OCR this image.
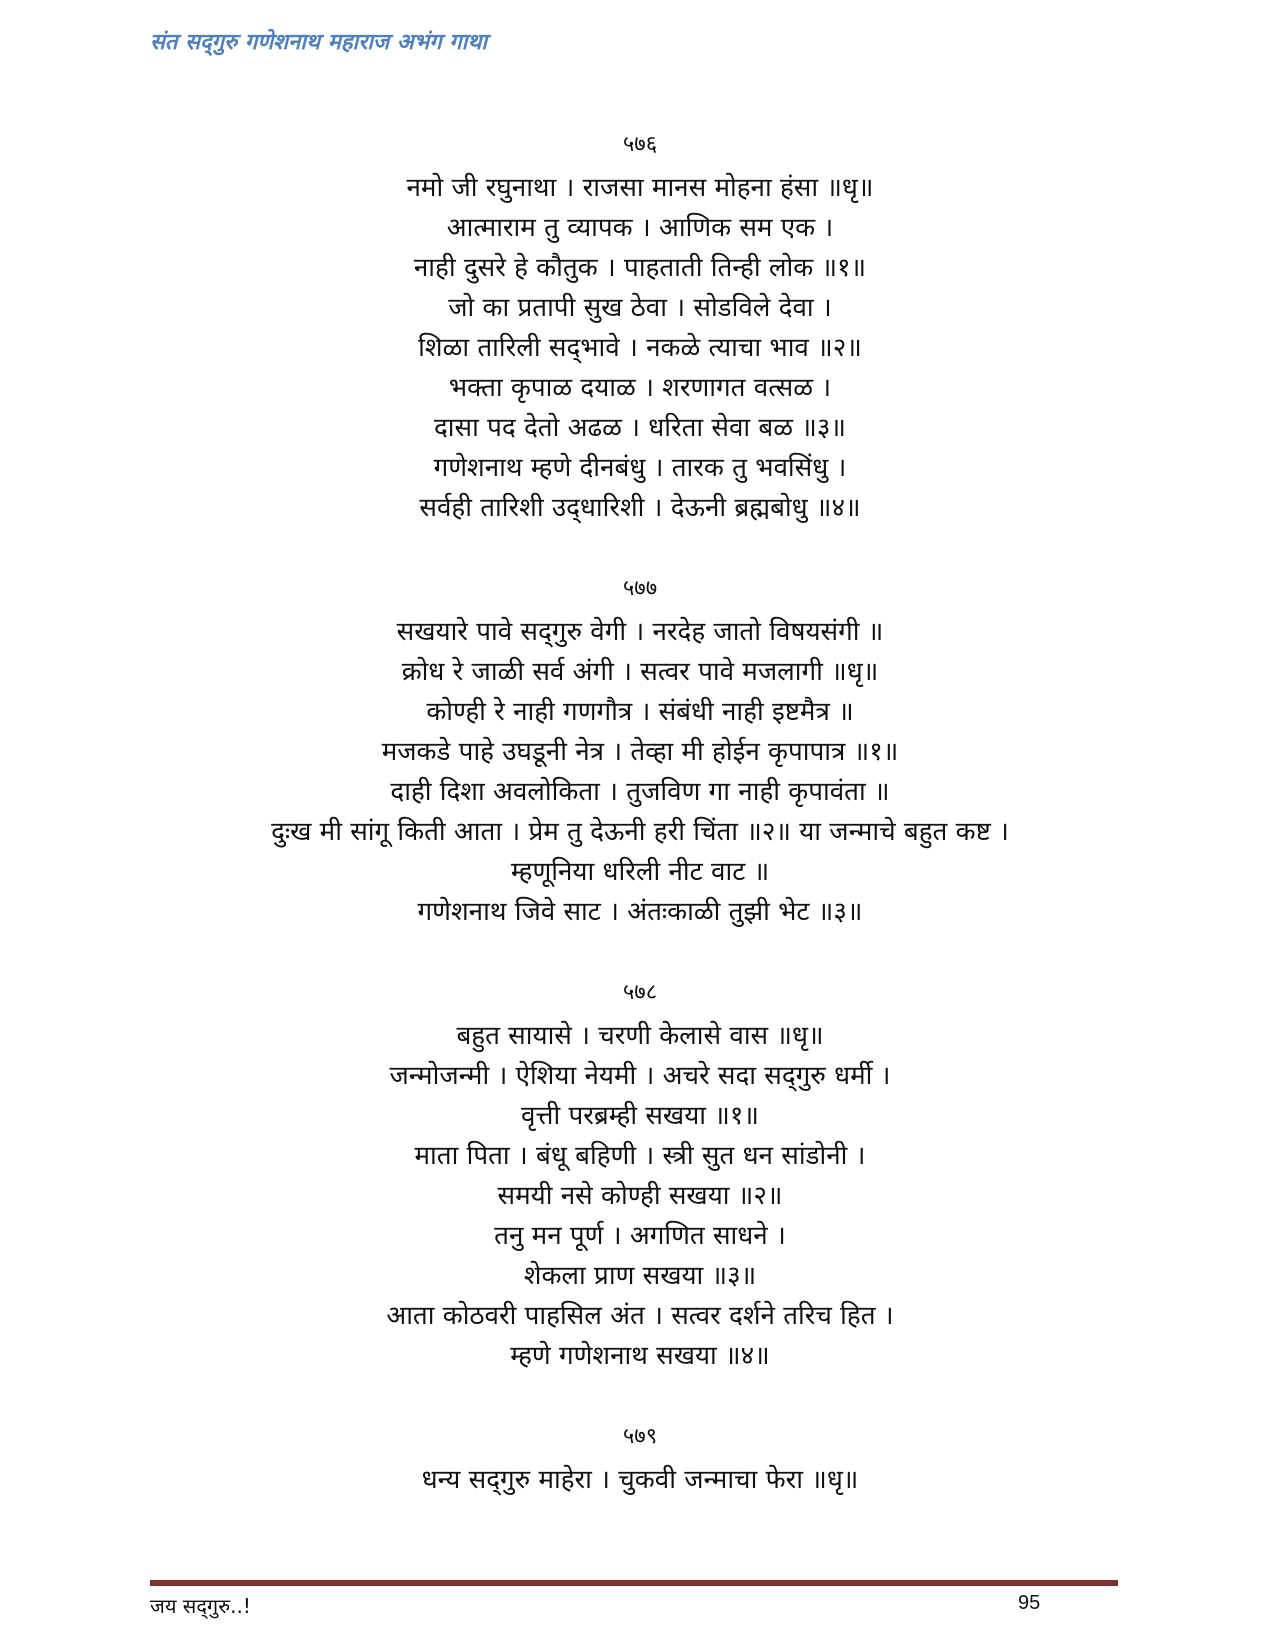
संत सद्‌गुरु गणेशनाथ महाराज अभंग गाथा
५७६
नमो जी रघुनाथा । राजसा मानस मोहना हंसा ॥धृ॥
आत्माराम तु व्यापक । आणिक सम एक ।
नाही दुसरे हे कौतुक । पाहताती तिन्ही लोक ॥१॥
जो का प्रतापी सुख ठेवा । सोडविले देवा ।
शिळा तारिली सद्‌भावे । नकळे त्याचा भाव ॥२॥
भक्ता कृपाळ दयाळ । शरणागत वत्सळ ।
दासा पद देतो अढळ । धरिता सेवा बळ ॥३॥
गणेशनाथ म्हणे दीनबंधु । तारक तु भवसिंधु ।
सर्वही तारिशी उद्‌धारिशी । देऊनी ब्रह्मबोधु ॥४॥
५७७
सखयारे पावे सद्‌गुरु वेगी । नरदेह जातो विषयसंगी ॥
क्रोध रे जाळी सर्व अंगी । सत्वर पावे मजलागी ॥धृ॥
कोण्ही रे नाही गणगौत्र । संबंधी नाही इष्टमैत्र ॥
मजकडे पाहे उघडूनी नेत्र । तेव्हा मी होईन कृपापात्र ॥१॥
दाही दिशा अवलोकिता । तुजविण गा नाही कृपावंता ॥
दुःख मी सांगू किती आता । प्रेम तु देऊनी हरी चिंता ॥२॥ या जन्माचे बहुत कष्ट ।
म्हणूनिया धरिली नीट वाट ॥
गणेशनाथ जिवे साट । अंतःकाळी तुझी भेट ॥३॥
५७८
बहुत सायासे । चरणी केलासे वास ॥धृ॥
जन्मोजन्मी । ऐशिया नेयमी । अचरे सदा सद्‌गुरु धर्मी ।
वृत्ती परब्रम्ही सखया ॥१॥
माता पिता । बंधू बहिणी । स्त्री सुत धन सांडोनी ।
समयी नसे कोण्ही सखया ॥२॥
तनु मन पूर्ण । अगणित साधने ।
शेकला प्राण सखया ॥३॥
आता कोठवरी पाहसिल अंत । सत्वर दर्शने तरिच हित ।
म्हणे गणेशनाथ सखया ॥४॥
५७९
धन्य सद्‌गुरु माहेरा । चुकवी जन्माचा फेरा ॥धृ॥
जय सद्‌गुरु..!	95
